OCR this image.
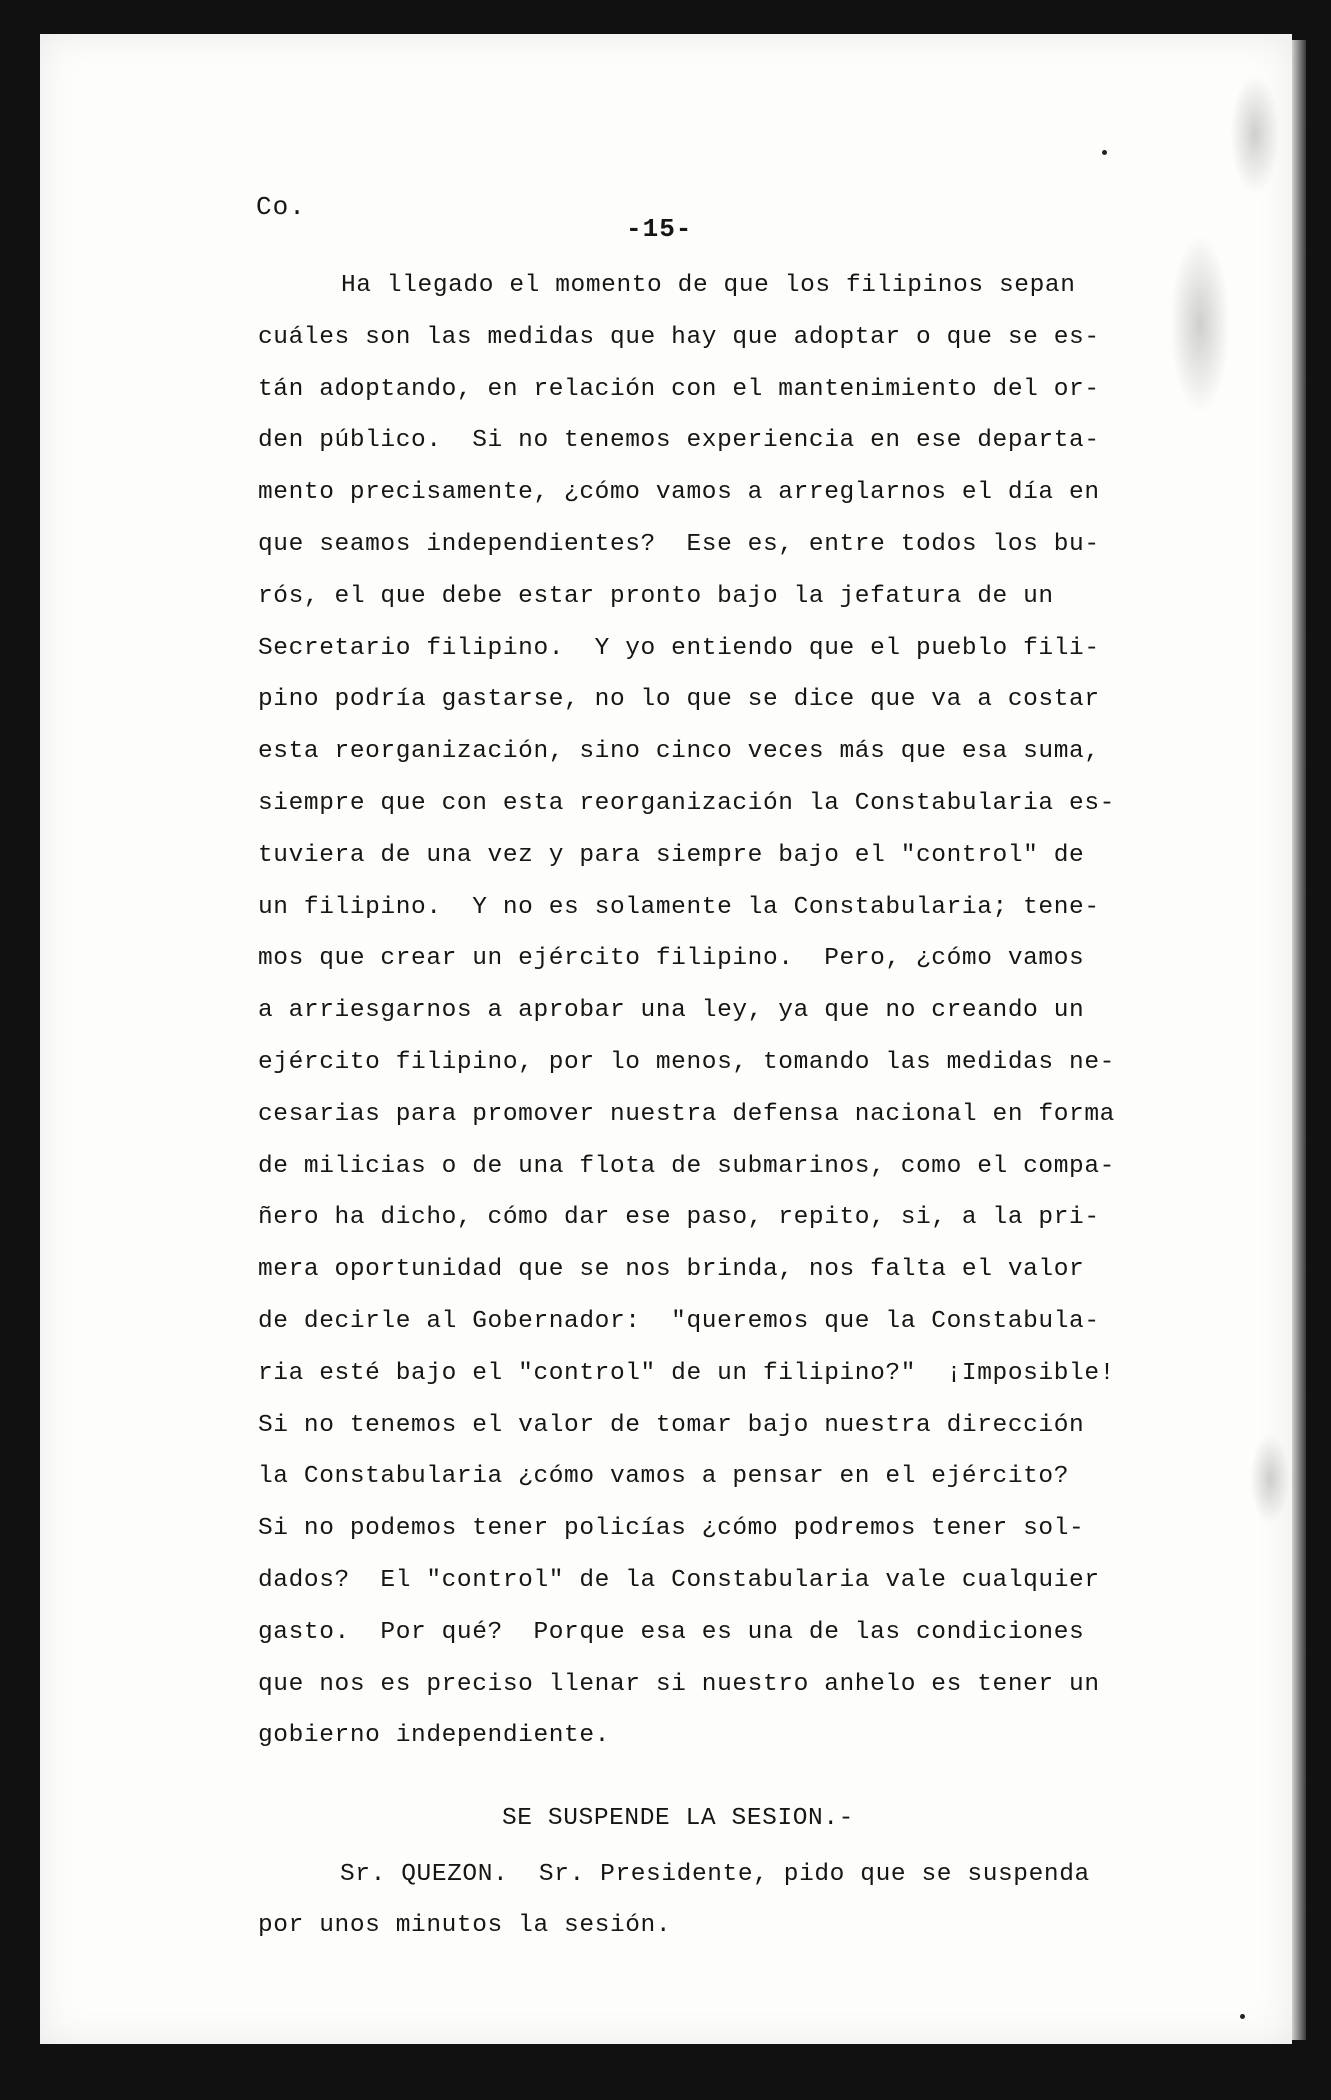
Co.
-15-
Ha llegado el momento de que los filipinos sepan
cuáles son las medidas que hay que adoptar o que se es-
tán adoptando, en relación con el mantenimiento del or-
den público.  Si no tenemos experiencia en ese departa-
mento precisamente, ¿cómo vamos a arreglarnos el día en
que seamos independientes?  Ese es, entre todos los bu-
rós, el que debe estar pronto bajo la jefatura de un
Secretario filipino.  Y yo entiendo que el pueblo fili-
pino podría gastarse, no lo que se dice que va a costar
esta reorganización, sino cinco veces más que esa suma,
siempre que con esta reorganización la Constabularia es-
tuviera de una vez y para siempre bajo el "control" de
un filipino.  Y no es solamente la Constabularia; tene-
mos que crear un ejército filipino.  Pero, ¿cómo vamos
a arriesgarnos a aprobar una ley, ya que no creando un
ejército filipino, por lo menos, tomando las medidas ne-
cesarias para promover nuestra defensa nacional en forma
de milicias o de una flota de submarinos, como el compa-
ñero ha dicho, cómo dar ese paso, repito, si, a la pri-
mera oportunidad que se nos brinda, nos falta el valor
de decirle al Gobernador:  "queremos que la Constabula-
ria esté bajo el "control" de un filipino?"  ¡Imposible!
Si no tenemos el valor de tomar bajo nuestra dirección
la Constabularia ¿cómo vamos a pensar en el ejército?
Si no podemos tener policías ¿cómo podremos tener sol-
dados?  El "control" de la Constabularia vale cualquier
gasto.  Por qué?  Porque esa es una de las condiciones
que nos es preciso llenar si nuestro anhelo es tener un
gobierno independiente.
SE SUSPENDE LA SESION.-
Sr. QUEZON.  Sr. Presidente, pido que se suspenda
por unos minutos la sesión.
